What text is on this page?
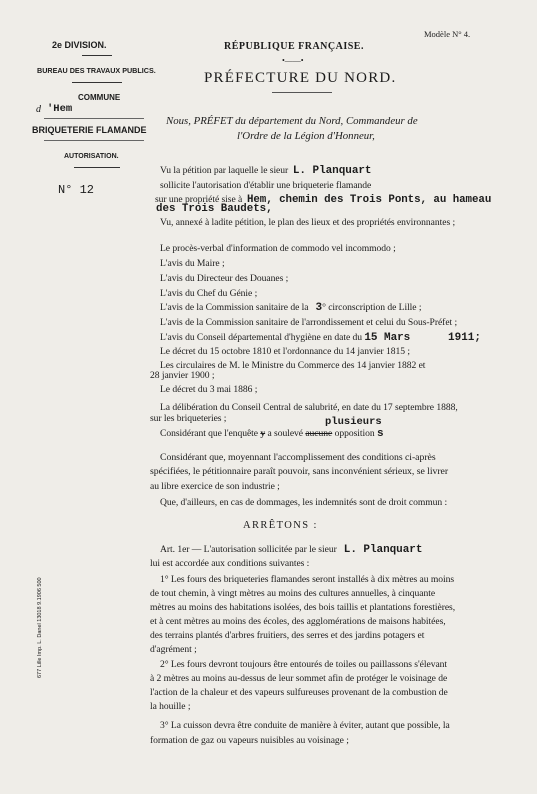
2e DIVISION.
BUREAU DES TRAVAUX PUBLICS.
COMMUNE
d 'Hem
BRIQUETERIE FLAMANDE
AUTORISATION.
N° 12
Modèle N° 4.
RÉPUBLIQUE FRANÇAISE.
•——•
PRÉFECTURE DU NORD.
Nous, PRÉFET du département du Nord, Commandeur de
l'Ordre de la Légion d'Honneur,
Vu la pétition par laquelle le sieur L. Planquart
sollicite l'autorisation d'établir une briqueterie flamande
sur une propriété sise à Hem, chemin des Trois Ponts, au hameau
des Trois Baudets,
Vu, annexé à ladite pétition, le plan des lieux et des propriétés environnantes ;
Le procès-verbal d'information de commodo vel incommodo ;
L'avis du Maire ;
L'avis du Directeur des Douanes ;
L'avis du Chef du Génie ;
L'avis de la Commission sanitaire de la 3° circonscription de Lille ;
L'avis de la Commission sanitaire de l'arrondissement et celui du Sous-Préfet ;
L'avis du Conseil départemental d'hygiène en date du 15 Mars	1911;
Le décret du 15 octobre 1810 et l'ordonnance du 14 janvier 1815 ;
Les circulaires de M. le Ministre du Commerce des 14 janvier 1882 et
28 janvier 1900 ;
Le décret du 3 mai 1886 ;
La délibération du Conseil Central de salubrité, en date du 17 septembre 1888,
sur les briqueteries ;	plusieurs
Considérant que l'enquête y a soulevé aucune opposition s
Considérant que, moyennant l'accomplissement des conditions ci-après
spécifiées, le pétitionnaire paraît pouvoir, sans inconvénient sérieux, se livrer
au libre exercice de son industrie ;
Que, d'ailleurs, en cas de dommages, les indemnités sont de droit commun :
ARRÊTONS :
Art. 1er — L'autorisation sollicitée par le sieur L. Planquart
lui est accordée aux conditions suivantes :
1° Les fours des briqueteries flamandes seront installés à dix mètres au moins
de tout chemin, à vingt mètres au moins des cultures annuelles, à cinquante
mètres au moins des habitations isolées, des bois taillis et plantations forestières,
et à cent mètres au moins des écoles, des agglomérations de maisons habitées,
des terrains plantés d'arbres fruitiers, des serres et des jardins potagers et
d'agrément ;
2° Les fours devront toujours être entourés de toiles ou paillassons s'élevant
à 2 mètres au moins au-dessus de leur sommet afin de protéger le voisinage de
l'action de la chaleur et des vapeurs sulfureuses provenant de la combustion de
la houille ;
3° La cuisson devra être conduite de manière à éviter, autant que possible, la
formation de gaz ou vapeurs nuisibles au voisinage ;
677 Lille Imp. L. Danel 13018 9.1906 500
